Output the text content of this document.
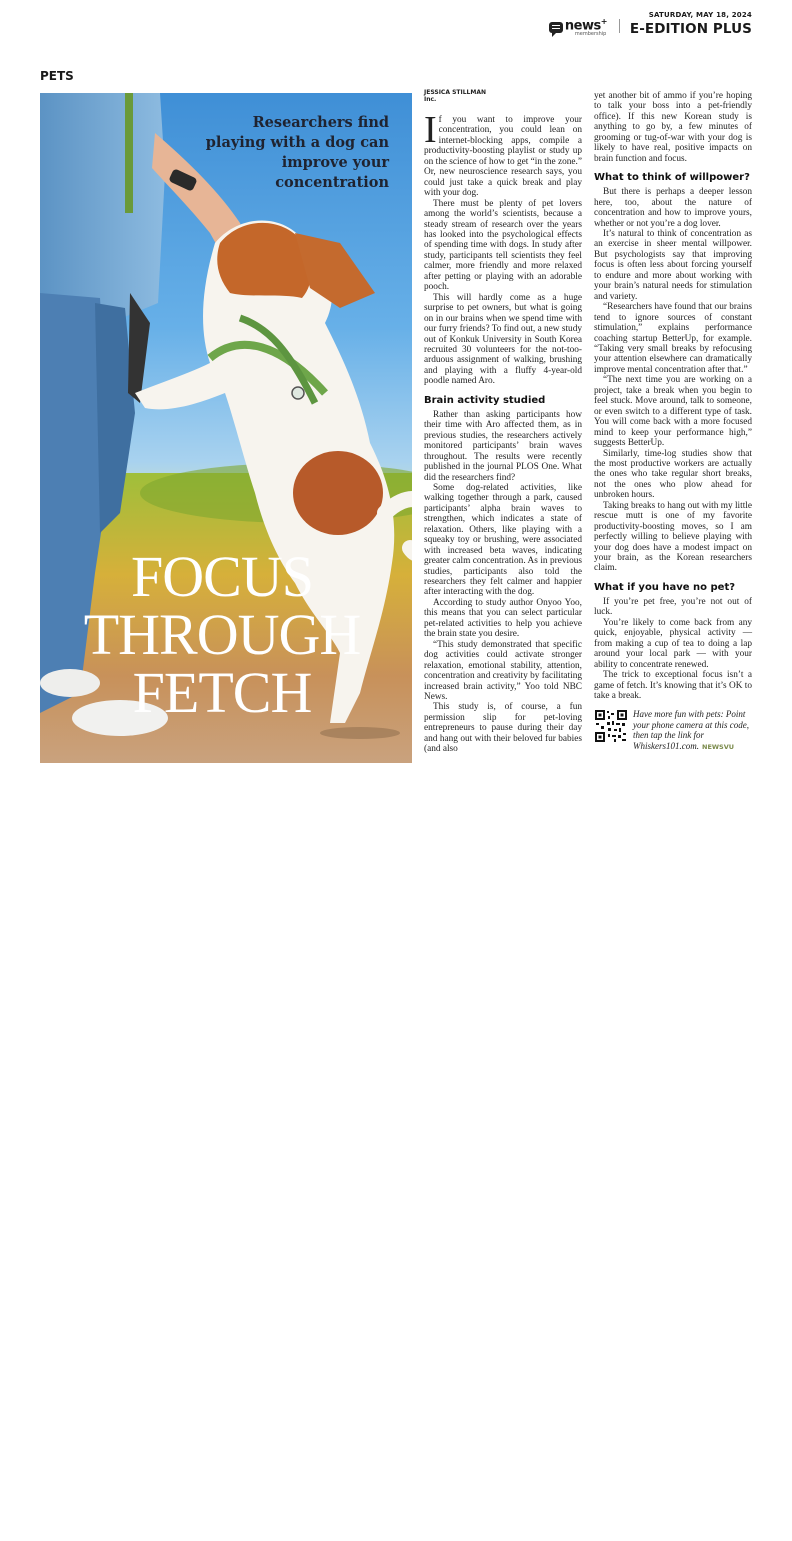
news+
membership
SATURDAY, MAY 18, 2024
E-EDITION PLUS
PETS
Researchers find playing with a dog can improve your concentration
FOCUS
THROUGH
FETCH
JESSICA STILLMAN
Inc.

If you want to improve your concentration, you could lean on internet-blocking apps, compile a productivity-boosting playlist or study up on the science of how to get “in the zone.” Or, new neuroscience research says, you could just take a quick break and play with your dog.

There must be plenty of pet lovers among the world’s scientists, because a steady stream of research over the years has looked into the psychological effects of spending time with dogs. In study after study, participants tell scientists they feel calmer, more friendly and more relaxed after petting or playing with an adorable pooch.

This will hardly come as a huge surprise to pet owners, but what is going on in our brains when we spend time with our furry friends? To find out, a new study out of Konkuk University in South Korea recruited 30 volunteers for the not-too-arduous assignment of walking, brushing and playing with a fluffy 4-year-old poodle named Aro.

Brain activity studied

Rather than asking participants how their time with Aro affected them, as in previous studies, the researchers actively monitored participants’ brain waves throughout. The results were recently published in the journal PLOS One. What did the researchers find?

Some dog-related activities, like walking together through a park, caused participants’ alpha brain waves to strengthen, which indicates a state of relaxation. Others, like playing with a squeaky toy or brushing, were associated with increased beta waves, indicating greater calm concentration. As in previous studies, participants also told the researchers they felt calmer and happier after interacting with the dog.

According to study author Onyoo Yoo, this means that you can select particular pet-related activities to help you achieve the brain state you desire.

“This study demonstrated that specific dog activities could activate stronger relaxation, emotional stability, attention, concentration and creativity by facilitating increased brain activity,” Yoo told NBC News.

This study is, of course, a fun permission slip for pet-loving entrepreneurs to pause during their day and hang out with their beloved fur babies (and also

yet another bit of ammo if you’re hoping to talk your boss into a pet-friendly office). If this new Korean study is anything to go by, a few minutes of grooming or tug-of-war with your dog is likely to have real, positive impacts on brain function and focus.

What to think of willpower?

But there is perhaps a deeper lesson here, too, about the nature of concentration and how to improve yours, whether or not you’re a dog lover.

It’s natural to think of concentration as an exercise in sheer mental willpower. But psychologists say that improving focus is often less about forcing yourself to endure and more about working with your brain’s natural needs for stimulation and variety.

“Researchers have found that our brains tend to ignore sources of constant stimulation,” explains performance coaching startup BetterUp, for example. “Taking very small breaks by refocusing your attention elsewhere can dramatically improve mental concentration after that.”

“The next time you are working on a project, take a break when you begin to feel stuck. Move around, talk to someone, or even switch to a different type of task. You will come back with a more focused mind to keep your performance high,” suggests BetterUp.

Similarly, time-log studies show that the most productive workers are actually the ones who take regular short breaks, not the ones who plow ahead for unbroken hours.

Taking breaks to hang out with my little rescue mutt is one of my favorite productivity-boosting moves, so I am perfectly willing to believe playing with your dog does have a modest impact on your brain, as the Korean researchers claim.

What if you have no pet?

If you’re pet free, you’re not out of luck.

You’re likely to come back from any quick, enjoyable, physical activity — from making a cup of tea to doing a lap around your local park — with your ability to concentrate renewed.

The trick to exceptional focus isn’t a game of fetch. It’s knowing that it’s OK to take a break.

Have more fun with pets: Point your phone camera at this code, then tap the link for Whiskers101.com. NEWSVU
